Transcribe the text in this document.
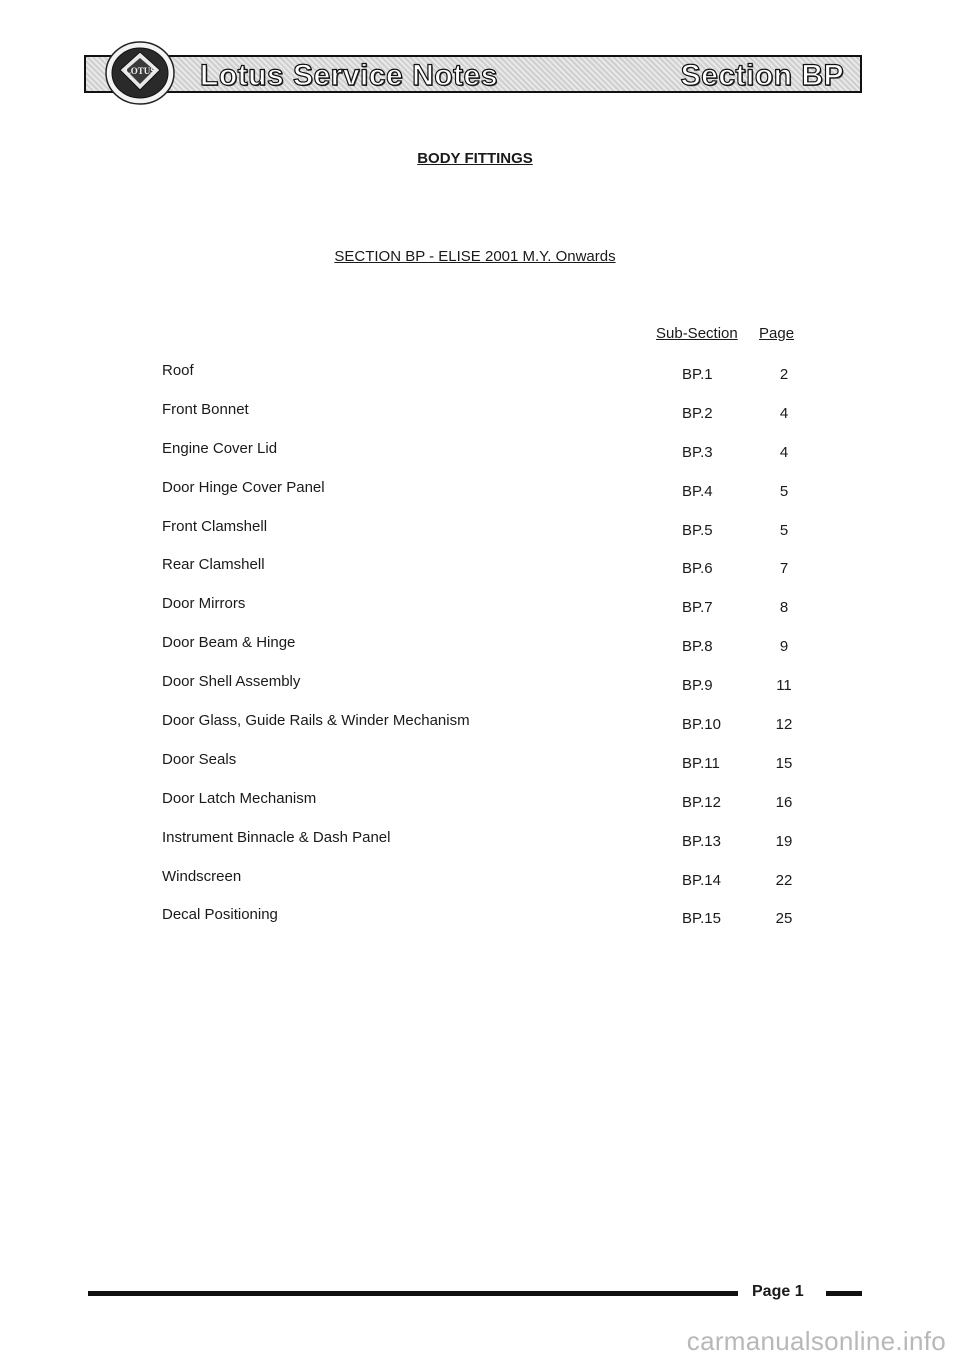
Lotus Service Notes	Section BP
LOTUS
BODY FITTINGS
SECTION BP - ELISE 2001 M.Y. Onwards
Sub-Section Page
Roof	BP.1	2
Front Bonnet	BP.2	4
Engine Cover Lid	BP.3	4
Door Hinge Cover Panel	BP.4	5
Front Clamshell	BP.5	5
Rear Clamshell	BP.6	7
Door Mirrors	BP.7	8
Door Beam & Hinge	BP.8	9
Door Shell Assembly	BP.9	11
Door Glass, Guide Rails & Winder Mechanism	BP.10	12
Door Seals	BP.11	15
Door Latch Mechanism	BP.12	16
Instrument Binnacle & Dash Panel	BP.13	19
Windscreen	BP.14	22
Decal Positioning	BP.15	25
Page 1
carmanualsonline.info
